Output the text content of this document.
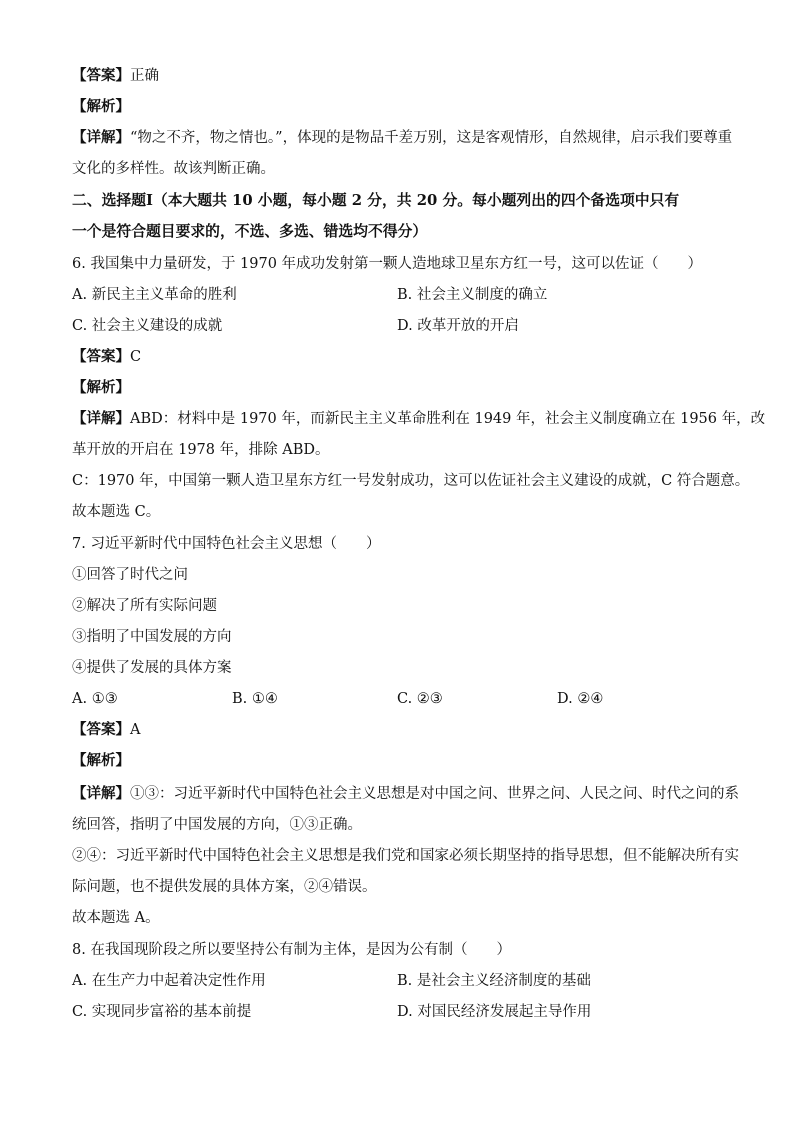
【答案】正确
【解析】
【详解】“物之不齐，物之情也。”，体现的是物品千差万别，这是客观情形，自然规律，启示我们要尊重
文化的多样性。故该判断正确。
二、选择题Ⅰ（本大题共 10 小题，每小题 2 分，共 20 分。每小题列出的四个备选项中只有
一个是符合题目要求的，不选、多选、错选均不得分）
6. 我国集中力量研发，于 1970 年成功发射第一颗人造地球卫星东方红一号，这可以佐证（　　）
A. 新民主主义革命的胜利	B. 社会主义制度的确立
C. 社会主义建设的成就	D. 改革开放的开启
【答案】C
【解析】
【详解】ABD：材料中是 1970 年，而新民主主义革命胜利在 1949 年，社会主义制度确立在 1956 年，改
革开放的开启在 1978 年，排除 ABD。
C：1970 年，中国第一颗人造卫星东方红一号发射成功，这可以佐证社会主义建设的成就，C 符合题意。
故本题选 C。
7. 习近平新时代中国特色社会主义思想（　　）
①回答了时代之问
②解决了所有实际问题
③指明了中国发展的方向
④提供了发展的具体方案
A. ①③	B. ①④	C. ②③	D. ②④
【答案】A
【解析】
【详解】①③：习近平新时代中国特色社会主义思想是对中国之问、世界之问、人民之问、时代之问的系
统回答，指明了中国发展的方向，①③正确。
②④：习近平新时代中国特色社会主义思想是我们党和国家必须长期坚持的指导思想，但不能解决所有实
际问题，也不提供发展的具体方案，②④错误。
故本题选 A。
8. 在我国现阶段之所以要坚持公有制为主体，是因为公有制（　　）
A. 在生产力中起着决定性作用	B. 是社会主义经济制度的基础
C. 实现同步富裕的基本前提	D. 对国民经济发展起主导作用
